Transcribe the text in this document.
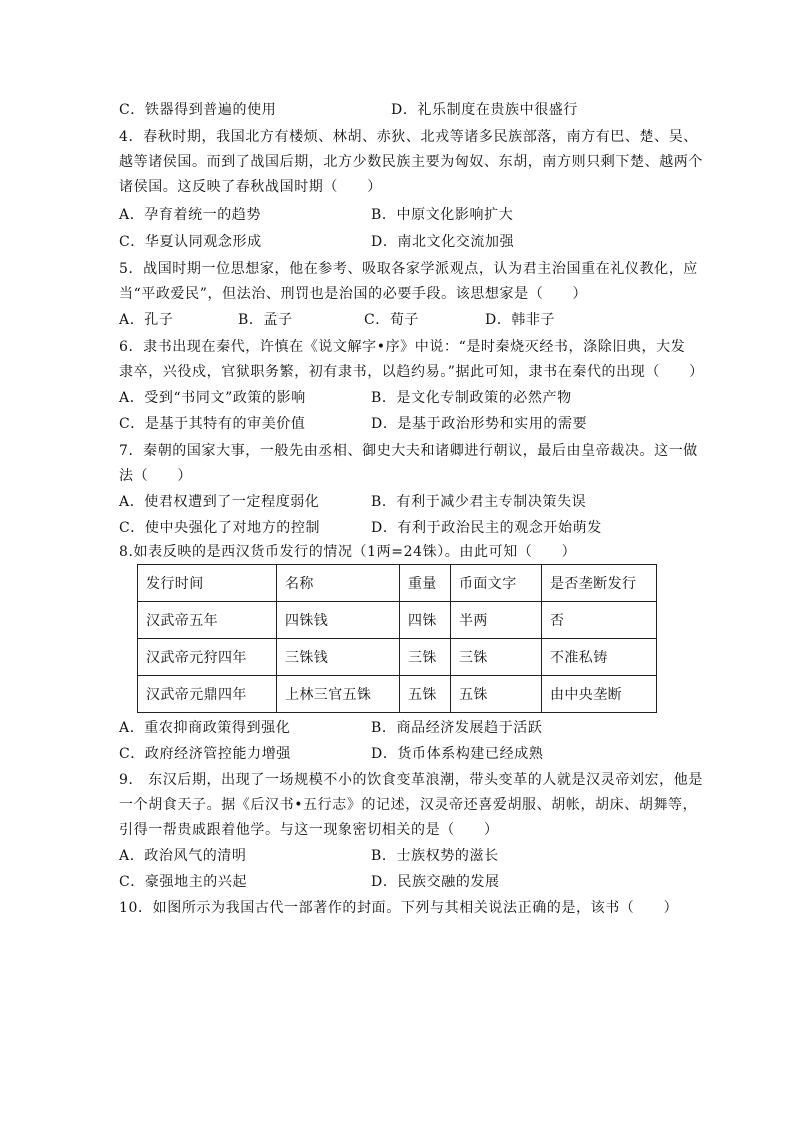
C．铁器得到普遍的使用	D．礼乐制度在贵族中很盛行
4．春秋时期，我国北方有楼烦、林胡、赤狄、北戎等诸多民族部落，南方有巴、楚、吴、
越等诸侯国。而到了战国后期，北方少数民族主要为匈奴、东胡，南方则只剩下楚、越两个
诸侯国。这反映了春秋战国时期（　　）
A．孕育着统一的趋势	B．中原文化影响扩大
C．华夏认同观念形成	D．南北文化交流加强
5．战国时期一位思想家，他在参考、吸取各家学派观点，认为君主治国重在礼仪教化，应
当“平政爱民”，但法治、刑罚也是治国的必要手段。该思想家是（　　）
A．孔子	B．孟子	C．荀子	D．韩非子
6．隶书出现在秦代，许慎在《说文解字•序》中说：“是时秦烧灭经书，涤除旧典，大发
隶卒，兴役戍，官狱职务繁，初有隶书，以趋约易。”据此可知，隶书在秦代的出现（　　）
A．受到“书同文”政策的影响	B．是文化专制政策的必然产物
C．是基于其特有的审美价值	D．是基于政治形势和实用的需要
7．秦朝的国家大事，一般先由丞相、御史大夫和诸卿进行朝议，最后由皇帝裁决。这一做
法（　　）
A．使君权遭到了一定程度弱化	B．有利于减少君主专制决策失误
C．使中央强化了对地方的控制	D．有利于政治民主的观念开始萌发
8.如表反映的是西汉货币发行的情况（1两=24铢）。由此可知（　　）
发行时间	名称	重量	币面文字	是否垄断发行
汉武帝五年	四铢钱	四铢	半两	否
汉武帝元狩四年	三铢钱	三铢	三铢	不准私铸
汉武帝元鼎四年	上林三官五铢	五铢	五铢	由中央垄断
A．重农抑商政策得到强化	B．商品经济发展趋于活跃
C．政府经济管控能力增强	D．货币体系构建已经成熟
9． 东汉后期，出现了一场规模不小的饮食变革浪潮，带头变革的人就是汉灵帝刘宏，他是
一个胡食天子。据《后汉书•五行志》的记述，汉灵帝还喜爱胡服、胡帐，胡床、胡舞等，
引得一帮贵戚跟着他学。与这一现象密切相关的是（　　）
A．政治风气的清明	B．士族权势的滋长
C．豪强地主的兴起	D．民族交融的发展
10．如图所示为我国古代一部著作的封面。下列与其相关说法正确的是，该书（　　）
